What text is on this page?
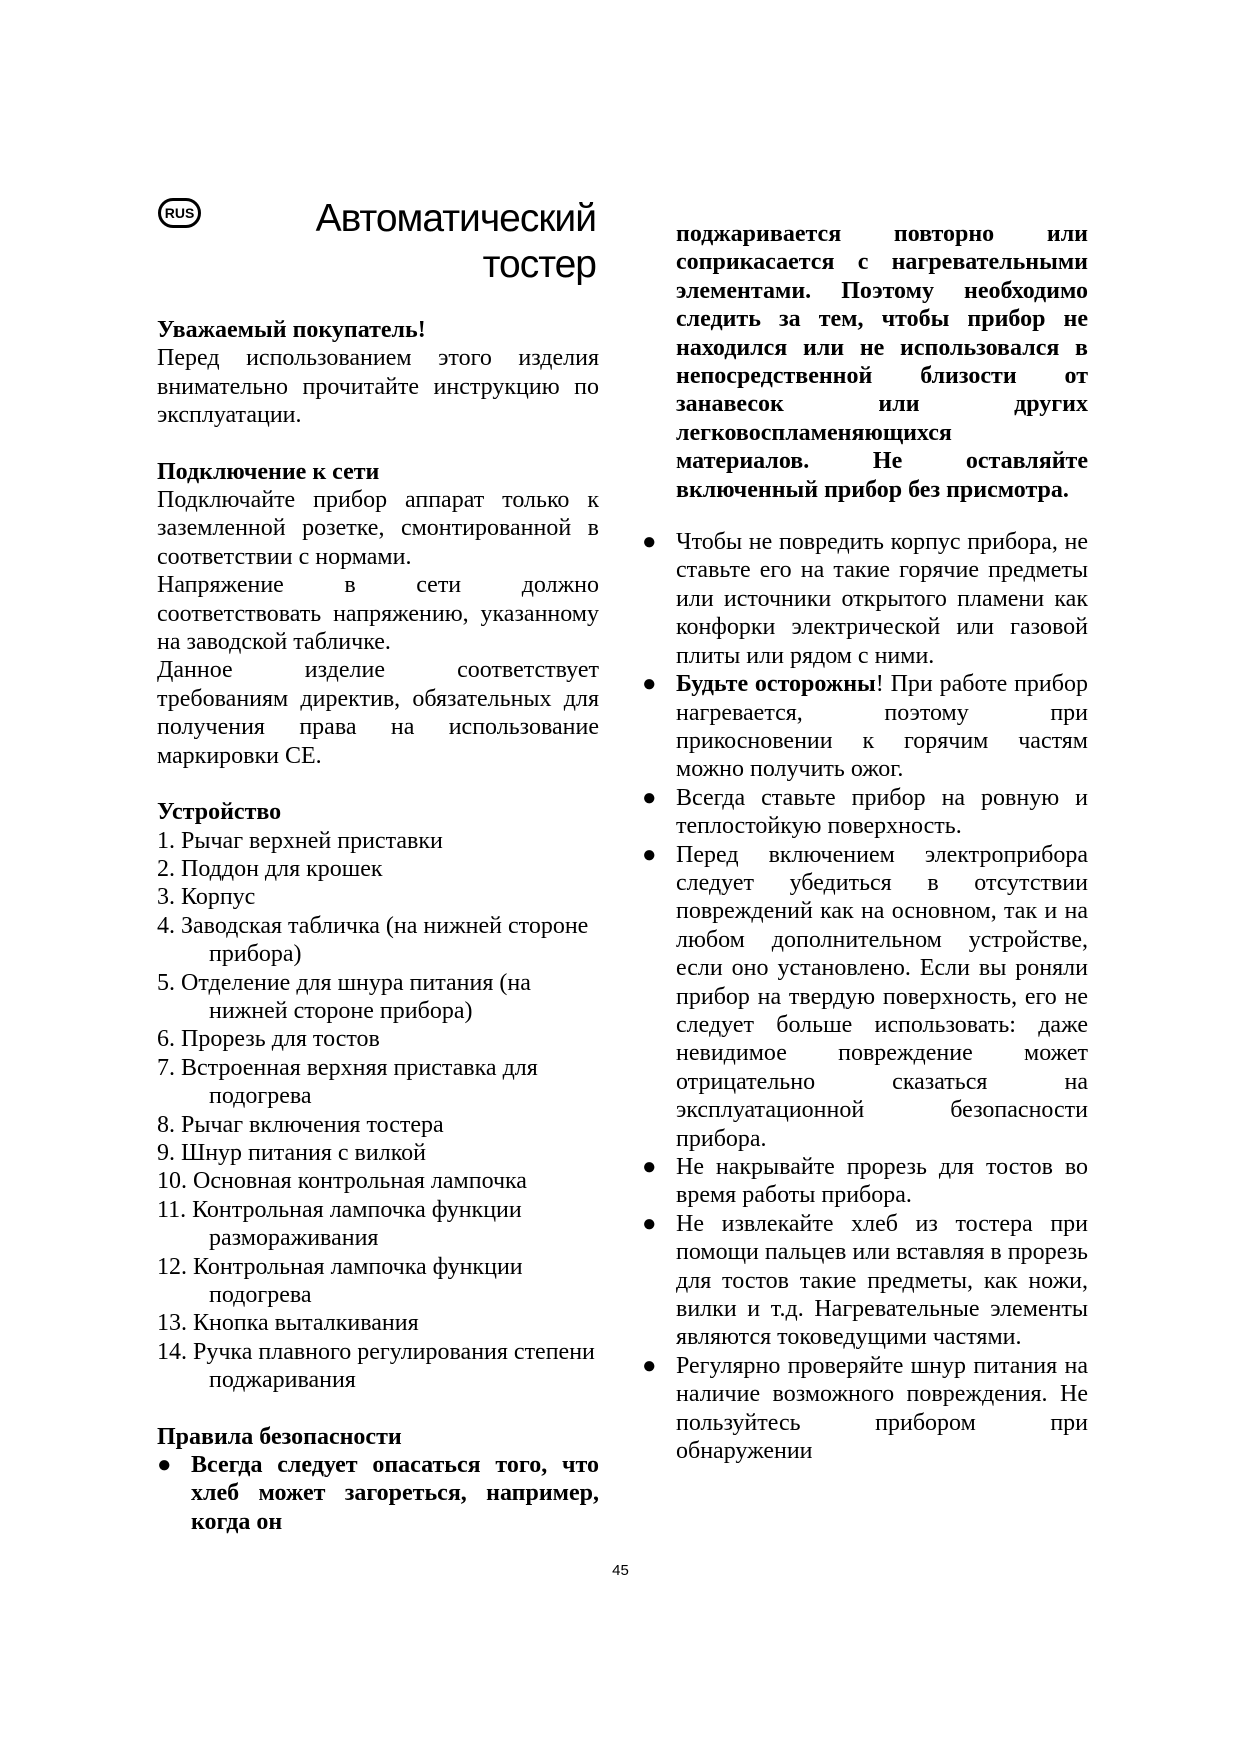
RUS	Автоматический
тостер

Уважаемый покупатель!

Перед использованием этого изделия внимательно прочитайте инструкцию по эксплуатации.

Подключение к сети

Подключайте прибор аппарат только к заземленной розетке, смонтированной в соответствии с нормами.

Напряжение в сети должно соответствовать напряжению, указанному на заводской табличке.

Данное изделие соответствует требованиям директив, обязательных для получения права на использование маркировки СЕ.

Устройство

1. Рычаг верхней приставки
2. Поддон для крошек
3. Корпус
4. Заводская табличка (на нижней стороне прибора)
5. Отделение для шнура питания (на нижней стороне прибора)
6. Прорезь для тостов
7. Встроенная верхняя приставка для подогрева
8. Рычаг включения тостера
9. Шнур питания с вилкой
10. Основная контрольная лампочка
11. Контрольная лампочка функции размораживания
12. Контрольная лампочка функции подогрева
13. Кнопка выталкивания
14. Ручка плавного регулирования степени поджаривания

Правила безопасности

● Всегда следует опасаться того, что хлеб может загореться, например, когда он

поджаривается повторно или соприкасается с нагревательными элементами. Поэтому необходимо следить за тем, чтобы прибор не находился или не использовался в непосредственной близости от занавесок или других легковоспламеняющихся материалов. Не оставляйте включенный прибор без присмотра.

● Чтобы не повредить корпус прибора, не ставьте его на такие горячие предметы или источники открытого пламени как конфорки электрической или газовой плиты или рядом с ними.
● Будьте осторожны! При работе прибор нагревается, поэтому при прикосновении к горячим частям можно получить ожог.
● Всегда ставьте прибор на ровную и теплостойкую поверхность.
● Перед включением электроприбора следует убедиться в отсутствии повреждений как на основном, так и на любом дополнительном устройстве, если оно установлено. Если вы роняли прибор на твердую поверхность, его не следует больше использовать: даже невидимое повреждение может отрицательно сказаться на эксплуатационной безопасности прибора.
● Не накрывайте прорезь для тостов во время работы прибора.
● Не извлекайте хлеб из тостера при помощи пальцев или вставляя в прорезь для тостов такие предметы, как ножи, вилки и т.д. Нагревательные элементы являются токоведущими частями.
● Регулярно проверяйте шнур питания на наличие возможного повреждения. Не пользуйтесь прибором при обнаружении
45
